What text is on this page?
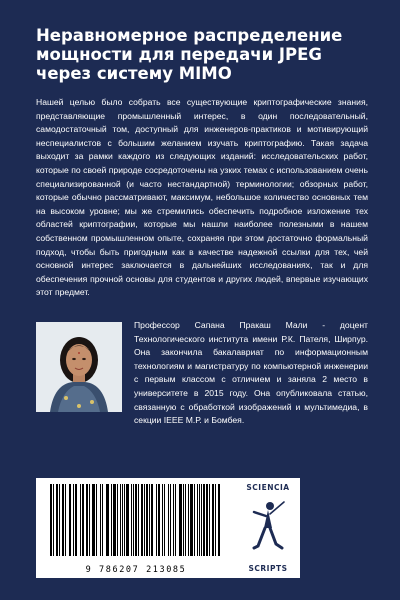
Неравномерное распределение мощности для передачи JPEG через систему MIMO

Нашей целью было собрать все существующие криптографические знания, представляющие промышленный интерес, в один последовательный, самодостаточный том, доступный для инженеров-практиков и мотивирующий неспециалистов с большим желанием изучать криптографию. Такая задача выходит за рамки каждого из следующих изданий: исследовательских работ, которые по своей природе сосредоточены на узких темах с использованием очень специализированной (и часто нестандартной) терминологии; обзорных работ, которые обычно рассматривают, максимум, небольшое количество основных тем на высоком уровне; мы же стремились обеспечить подробное изложение тех областей криптографии, которые мы нашли наиболее полезными в нашем собственном промышленном опыте, сохраняя при этом достаточно формальный подход, чтобы быть пригодным как в качестве надежной ссылки для тех, чей основной интерес заключается в дальнейших исследованиях, так и для обеспечения прочной основы для студентов и других людей, впервые изучающих этот предмет.

Профессор Сапана Пракаш Мали - доцент Технологического института имени Р.К. Пателя, Ширпур. Она закончила бакалавриат по информационным технологиям и магистратуру по компьютерной инженерии с первым классом с отличием и заняла 2 место в университете в 2015 году. Она опубликовала статью, связанную с обработкой изображений и мультимедиа, в секции IEEE М.Р. и Бомбея.

9 786207 213085
SCIENCIA
SCRIPTS
